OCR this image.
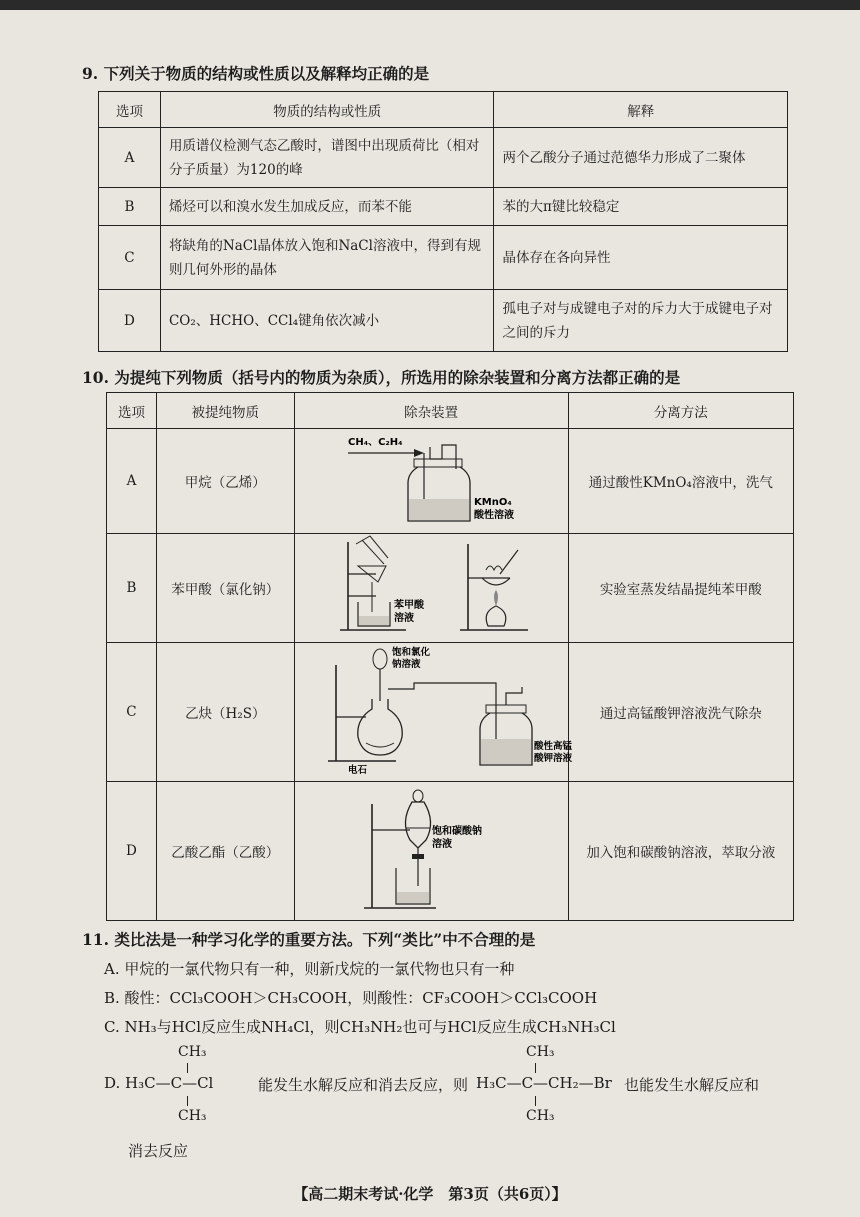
9. 下列关于物质的结构或性质以及解释均正确的是
选项	物质的结构或性质	解释
A	用质谱仪检测气态乙酸时，谱图中出现质荷比（相对分子质量）为120的峰	两个乙酸分子通过范德华力形成了二聚体
B	烯烃可以和溴水发生加成反应，而苯不能	苯的大π键比较稳定
C	将缺角的NaCl晶体放入饱和NaCl溶液中，得到有规则几何外形的晶体	晶体存在各向异性
D	CO₂、HCHO、CCl₄键角依次减小	孤电子对与成键电子对的斥力大于成键电子对之间的斥力
10. 为提纯下列物质（括号内的物质为杂质），所选用的除杂装置和分离方法都正确的是
选项	被提纯物质	除杂装置	分离方法
A	甲烷（乙烯）	CH₄、C₂H₄
KMnO₄
酸性溶液	通过酸性KMnO₄溶液中，洗气
B	苯甲酸（氯化钠）	苯甲酸
溶液	实验室蒸发结晶提纯苯甲酸
C	乙炔（H₂S）	饱和氯化
钠溶液
酸性高锰
酸钾溶液
电石	通过高锰酸钾溶液洗气除杂
D	乙酸乙酯（乙酸）	饱和碳酸钠
溶液	加入饱和碳酸钠溶液，萃取分液
11. 类比法是一种学习化学的重要方法。下列“类比”中不合理的是
A. 甲烷的一氯代物只有一种，则新戊烷的一氯代物也只有一种
B. 酸性：CCl₃COOH＞CH₃COOH，则酸性：CF₃COOH＞CCl₃COOH
C. NH₃与HCl反应生成NH₄Cl，则CH₃NH₂也可与HCl反应生成CH₃NH₃Cl
CH₃
D. H₃C—C—Cl
CH₃
能发生水解反应和消去反应，则
CH₃
H₃C—C—CH₂—Br
CH₃
也能发生水解反应和
消去反应
【高二期末考试·化学　第3页（共6页）】
